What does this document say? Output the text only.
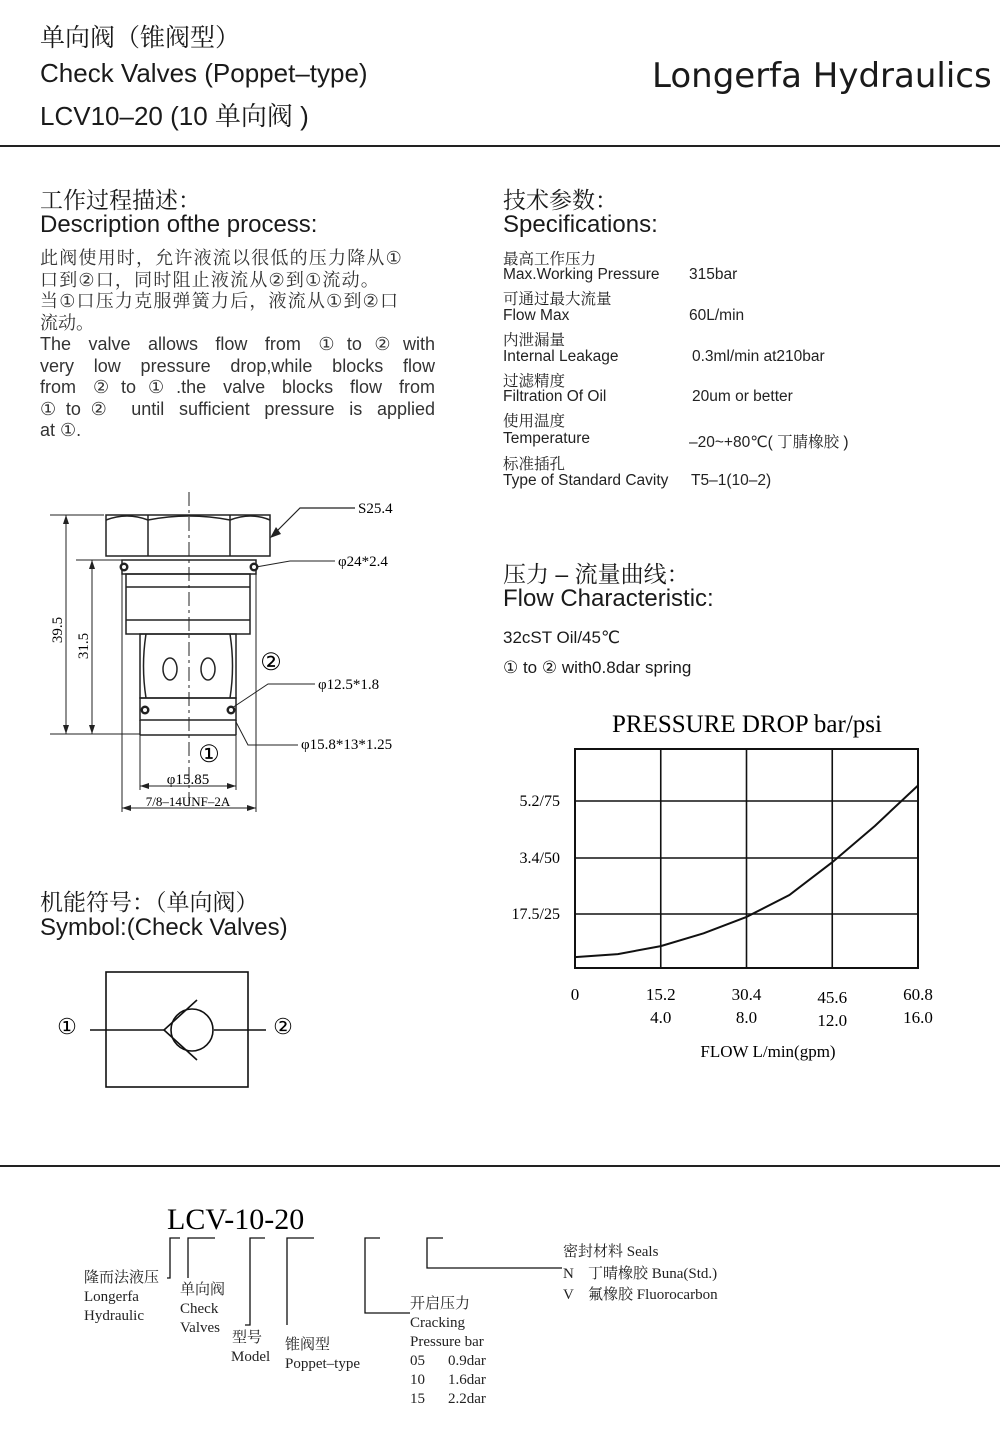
单向阀（锥阀型）
Check Valves (Poppet–type)
LCV10–20 (10 单向阀 )
Longerfa Hydraulics
工作过程描述：
Description ofthe process:
此阀使用时，允许液流以很低的压力降从①
口到②口，同时阻止液流从②到①流动。
当①口压力克服弹簧力后，液流从①到②口
流动。
The valve allows flow from ①to②with
very low pressure drop,while blocks flow
from ②to①.the valve blocks flow from
①to② until sufficient pressure is applied
at ①.
技术参数：
Specifications:
最高工作压力
Max.Working Pressure 315bar
可通过最大流量
Flow Max	60L/min
内泄漏量
Internal Leakage	0.3ml/min at210bar
过滤精度
Filtration Of Oil	20um or better
使用温度
Temperature	–20~+80℃( 丁腈橡胶 )
标准插孔
Type of Standard Cavity T5–1(10–2)
S25.4
φ24*2.4
φ12.5*1.8
φ15.8*13*1.25
39.5
31.5
φ15.85
7/8–14UNF–2A
②
①
压力 – 流量曲线：
Flow Characteristic:
32cST Oil/45℃
① to ② with0.8dar spring
PRESSURE DROP bar/psi
5.2/75
3.4/50
17.5/25
0	15.2
4.0
30.4
8.0
45.6
12.0
60.8
16.0
FLOW L/min(gpm)
机能符号：（单向阀）
Symbol:(Check Valves)
①	②
LCV-10-20
隆而法液压
Longerfa
Hydraulic
单向阀
Check
Valves
型号
Model
锥阀型
Poppet–type
开启压力
Cracking
Pressure bar
05 0.9dar
10 1.6dar
15 2.2dar
密封材料 Seals
N 丁晴橡胶 Buna(Std.)
V 氟橡胶 Fluorocarbon
